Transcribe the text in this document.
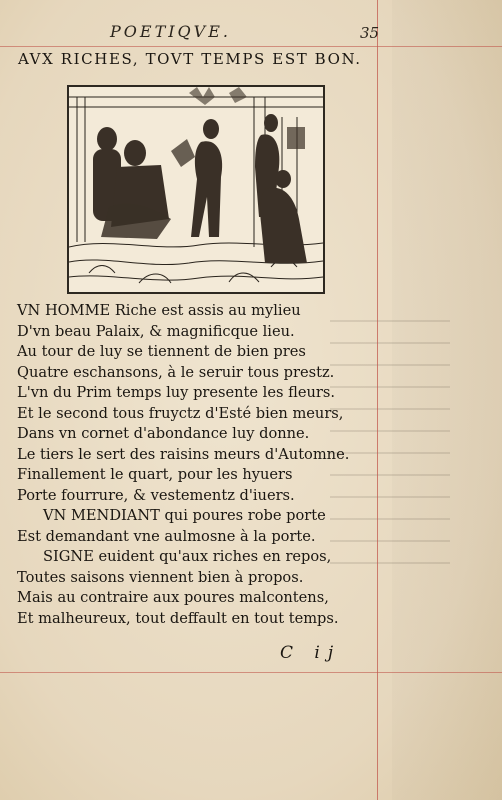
POETIQVE.	35
AVX RICHES, TOVT TEMPS EST BON.
VN HOMME Riche est assis au mylieu
D'vn beau Palaix, & magnificque lieu.
Au tour de luy se tiennent de bien pres
Quatre eschansons, à le seruir tous prestz.
L'vn du Prim temps luy presente les fleurs.
Et le second tous fruyctz d'Esté bien meurs,
Dans vn cornet d'abondance luy donne.
Le tiers le sert des raisins meurs d'Automne.
Finallement le quart, pour les hyuers
Porte fourrure, & vestementz d'iuers.
VN MENDIANT qui poures robe porte
Est demandant vne aulmosne à la porte.
SIGNE euident qu'aux riches en repos,
Toutes saisons viennent bien à propos.
Mais au contraire aux poures malcontens,
Et malheureux, tout deffault en tout temps.
C ij
